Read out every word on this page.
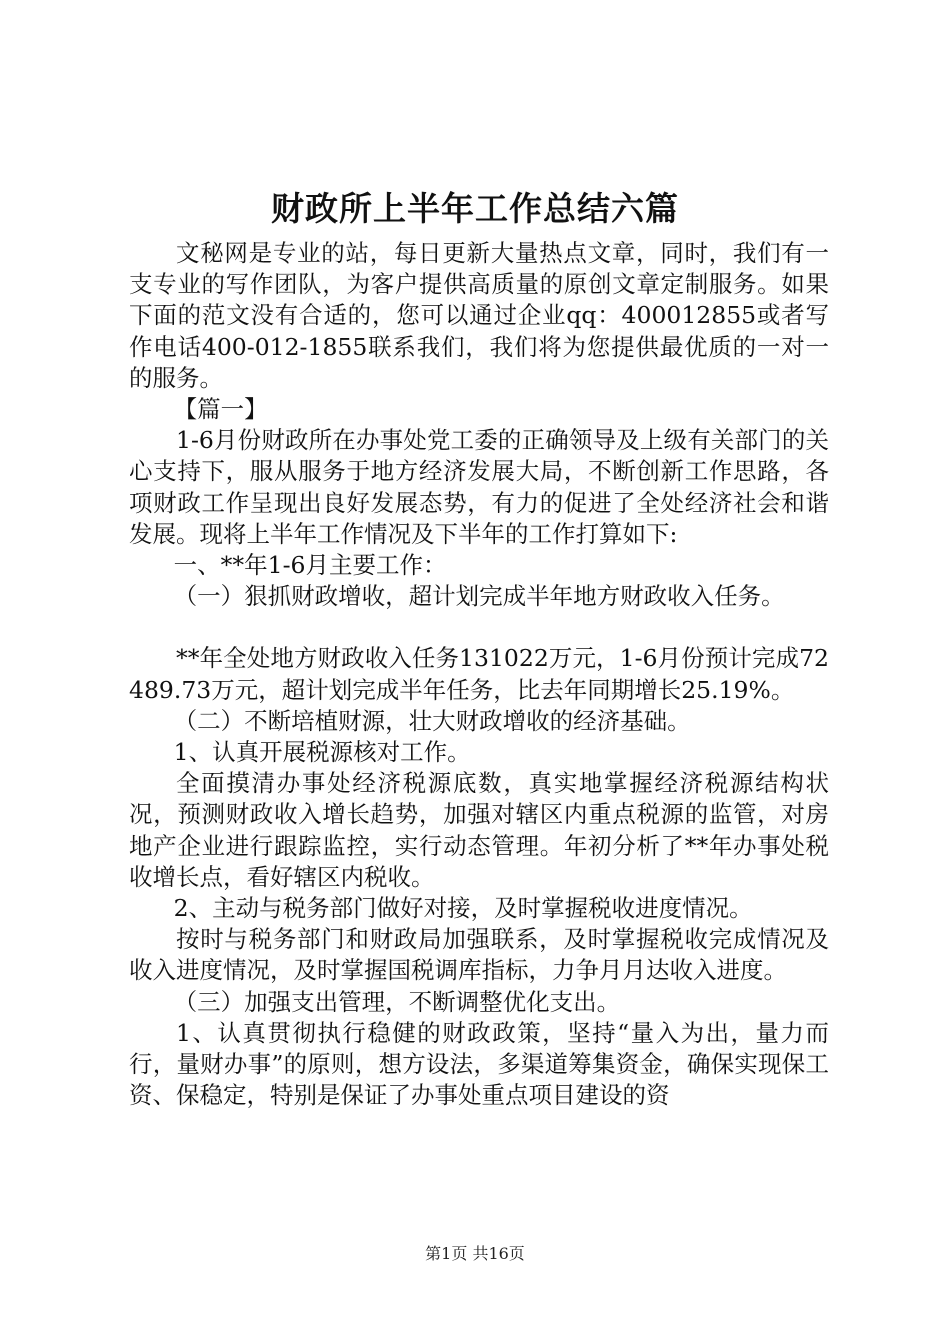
财政所上半年工作总结六篇

文秘网是专业的站，每日更新大量热点文章，同时，我们有一支专业的写作团队，为客户提供高质量的原创文章定制服务。如果下面的范文没有合适的，您可以通过企业qq：400012855或者写作电话400-012-1855联系我们，我们将为您提供最优质的一对一的服务。

【篇一】

1-6月份财政所在办事处党工委的正确领导及上级有关部门的关心支持下，服从服务于地方经济发展大局，不断创新工作思路，各项财政工作呈现出良好发展态势，有力的促进了全处经济社会和谐发展。现将上半年工作情况及下半年的工作打算如下:

一、**年1-6月主要工作：

（一）狠抓财政增收，超计划完成半年地方财政收入任务。

**年全处地方财政收入任务131022万元，1-6月份预计完成72489.73万元，超计划完成半年任务，比去年同期增长25.19%。

（二）不断培植财源，壮大财政增收的经济基础。

1、认真开展税源核对工作。

全面摸清办事处经济税源底数，真实地掌握经济税源结构状况，预测财政收入增长趋势，加强对辖区内重点税源的监管，对房地产企业进行跟踪监控，实行动态管理。年初分析了**年办事处税收增长点，看好辖区内税收。

2、主动与税务部门做好对接，及时掌握税收进度情况。

按时与税务部门和财政局加强联系，及时掌握税收完成情况及收入进度情况，及时掌握国税调库指标，力争月月达收入进度。

（三）加强支出管理，不断调整优化支出。

1、认真贯彻执行稳健的财政政策，坚持“量入为出，量力而行，量财办事”的原则，想方设法，多渠道筹集资金，确保实现保工资、保稳定，特别是保证了办事处重点项目建设的资

第1页 共16页
